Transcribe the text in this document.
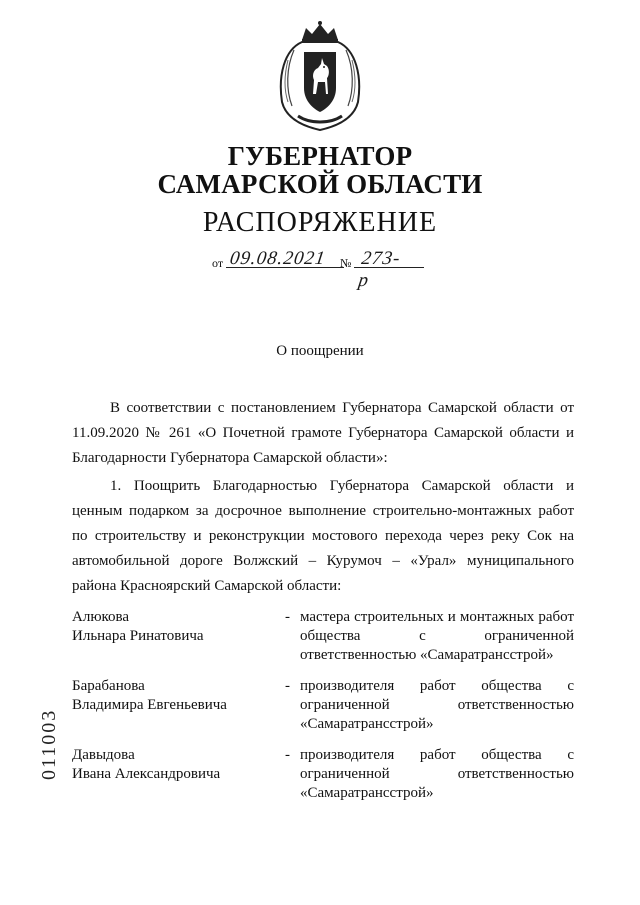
ГУБЕРНАТОР
САМАРСКОЙ ОБЛАСТИ
РАСПОРЯЖЕНИЕ
от 09.08.2021 № 273-р
О поощрении
В соответствии с постановлением Губернатора Самарской области от 11.09.2020 № 261 «О Почетной грамоте Губернатора Самарской области и Благодарности Губернатора Самарской области»:
1. Поощрить Благодарностью Губернатора Самарской области и ценным подарком за досрочное выполнение строительно-монтажных работ по строительству и реконструкции мостового перехода через реку Сок на автомобильной дороге Волжский – Курумоч – «Урал» муниципального района Красноярский Самарской области:
Алюкова
Ильнара Ринатовича
- мастера строительных и монтажных работ общества с ограниченной
ответственностью «Самаратрансстрой»
Барабанова
Владимира Евгеньевича
- производителя работ общества с ограниченной ответственностью
«Самаратрансстрой»
Давыдова
Ивана Александровича
- производителя работ общества с ограниченной ответственностью
«Самаратрансстрой»
011003
